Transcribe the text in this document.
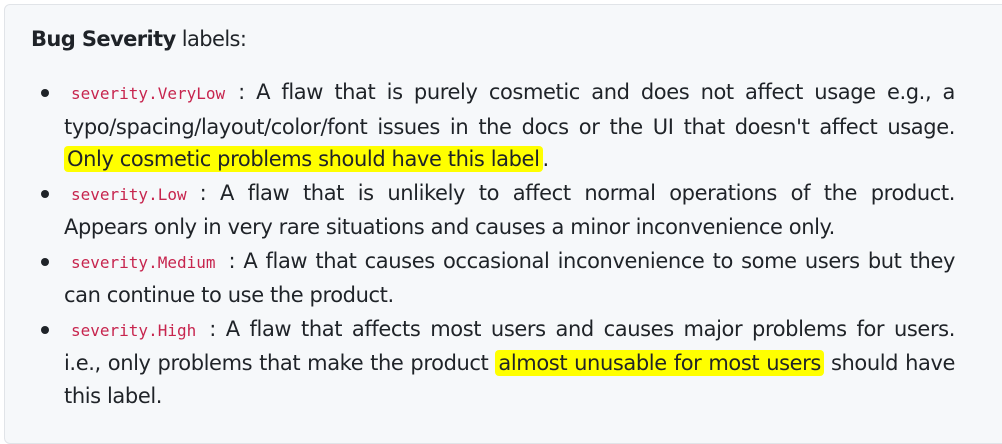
Bug Severity labels:

severity.VeryLow : A flaw that is purely cosmetic and does not affect usage e.g., a typo/spacing/layout/color/font issues in the docs or the UI that doesn't affect usage. Only cosmetic problems should have this label .
severity.Low : A flaw that is unlikely to affect normal operations of the product. Appears only in very rare situations and causes a minor inconvenience only.
severity.Medium : A flaw that causes occasional inconvenience to some users but they can continue to use the product.
severity.High : A flaw that affects most users and causes major problems for users. i.e., only problems that make the product almost unusable for most users should have this label.
